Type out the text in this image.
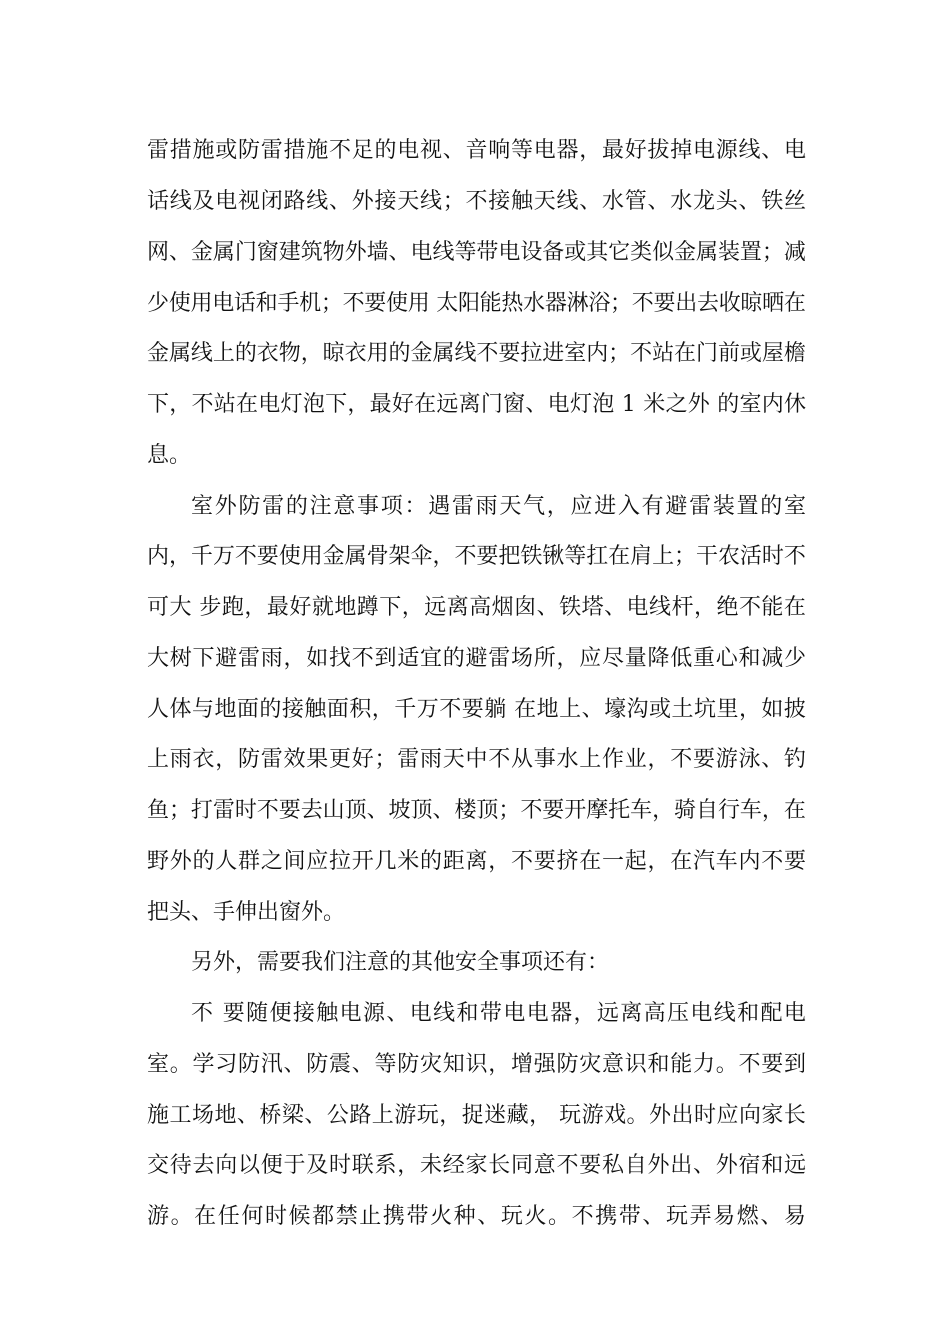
雷措施或防雷措施不足的电视、音响等电器，最好拔掉电源线、电
话线及电视闭路线、外接天线；不接触天线、水管、水龙头、铁丝
网、金属门窗建筑物外墙、电线等带电设备或其它类似金属装置；减
少使用电话和手机；不要使用 太阳能热水器淋浴；不要出去收晾晒在
金属线上的衣物，晾衣用的金属线不要拉进室内；不站在门前或屋檐
下，不站在电灯泡下，最好在远离门窗、电灯泡 1 米之外 的室内休
息。
室外防雷的注意事项：遇雷雨天气，应进入有避雷装置的室
内，千万不要使用金属骨架伞，不要把铁锹等扛在肩上；干农活时不
可大 步跑，最好就地蹲下，远离高烟囱、铁塔、电线杆，绝不能在
大树下避雷雨，如找不到适宜的避雷场所，应尽量降低重心和减少
人体与地面的接触面积，千万不要躺 在地上、壕沟或土坑里，如披
上雨衣，防雷效果更好；雷雨天中不从事水上作业，不要游泳、钓
鱼；打雷时不要去山顶、坡顶、楼顶；不要开摩托车，骑自行车，在
野外的人群之间应拉开几米的距离，不要挤在一起，在汽车内不要
把头、手伸出窗外。
另外，需要我们注意的其他安全事项还有：
不 要随便接触电源、电线和带电电器，远离高压电线和配电
室。学习防汛、防震、等防灾知识，增强防灾意识和能力。不要到
施工场地、桥梁、公路上游玩，捉迷藏， 玩游戏。外出时应向家长
交待去向以便于及时联系，未经家长同意不要私自外出、外宿和远
游。在任何时候都禁止携带火种、玩火。不携带、玩弄易燃、易
